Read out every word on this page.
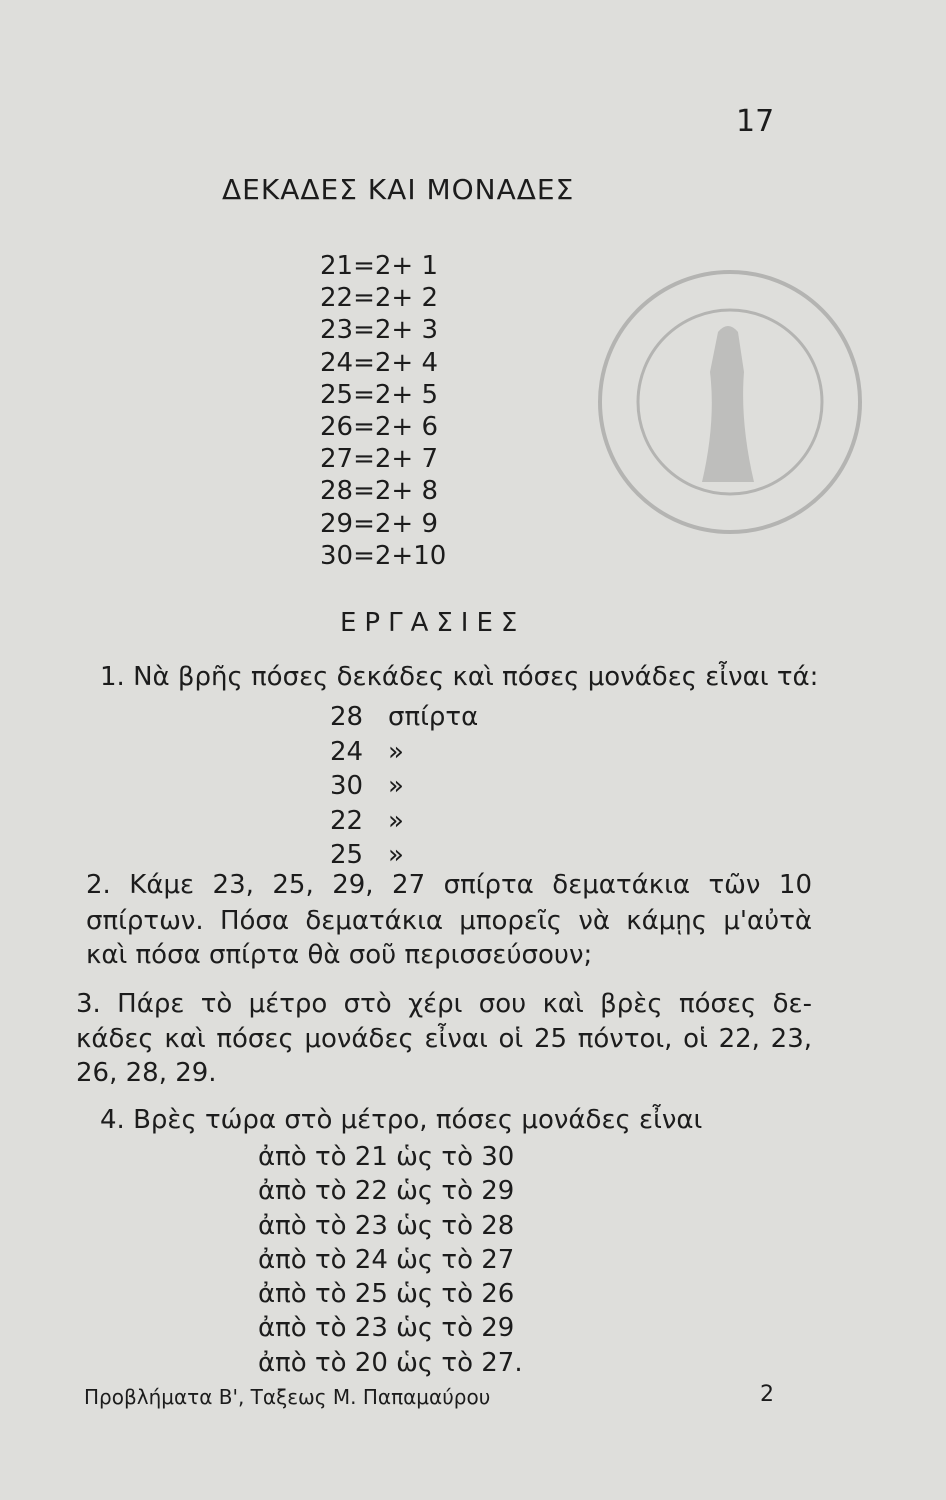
17
ΔΕΚΑΔΕΣ ΚΑΙ ΜΟΝΑΔΕΣ
21=2+ 1
22=2+ 2
23=2+ 3
24=2+ 4
25=2+ 5
26=2+ 6
27=2+ 7
28=2+ 8
29=2+ 9
30=2+10
ΕΡΓΑΣΙΕΣ
1. Νὰ βρῆς πόσες δεκάδες καὶ πόσες μονάδες εἶναι τά:
28 σπίρτα
24 »
30 »
22 »
25 »
2. Κάμε 23, 25, 29, 27 σπίρτα δεματάκια τῶν 10
σπίρτων. Πόσα δεματάκια μπορεῖς νὰ κάμῃς μ'αὐτὰ
καὶ πόσα σπίρτα θὰ σοῦ περισσεύσουν;
3. Πάρε τὸ μέτρο στὸ χέρι σου καὶ βρὲς πόσες δε-
κάδες καὶ πόσες μονάδες εἶναι οἱ 25 πόντοι, οἱ 22, 23,
26, 28, 29.
4. Βρὲς τώρα στὸ μέτρο, πόσες μονάδες εἶναι
ἀπὸ τὸ 21 ὡς τὸ 30
ἀπὸ τὸ 22 ὡς τὸ 29
ἀπὸ τὸ 23 ὡς τὸ 28
ἀπὸ τὸ 24 ὡς τὸ 27
ἀπὸ τὸ 25 ὡς τὸ 26
ἀπὸ τὸ 23 ὡς τὸ 29
ἀπὸ τὸ 20 ὡς τὸ 27.
Προβλήματα Β', Ταξεως Μ. Παπαμαύρου	2
